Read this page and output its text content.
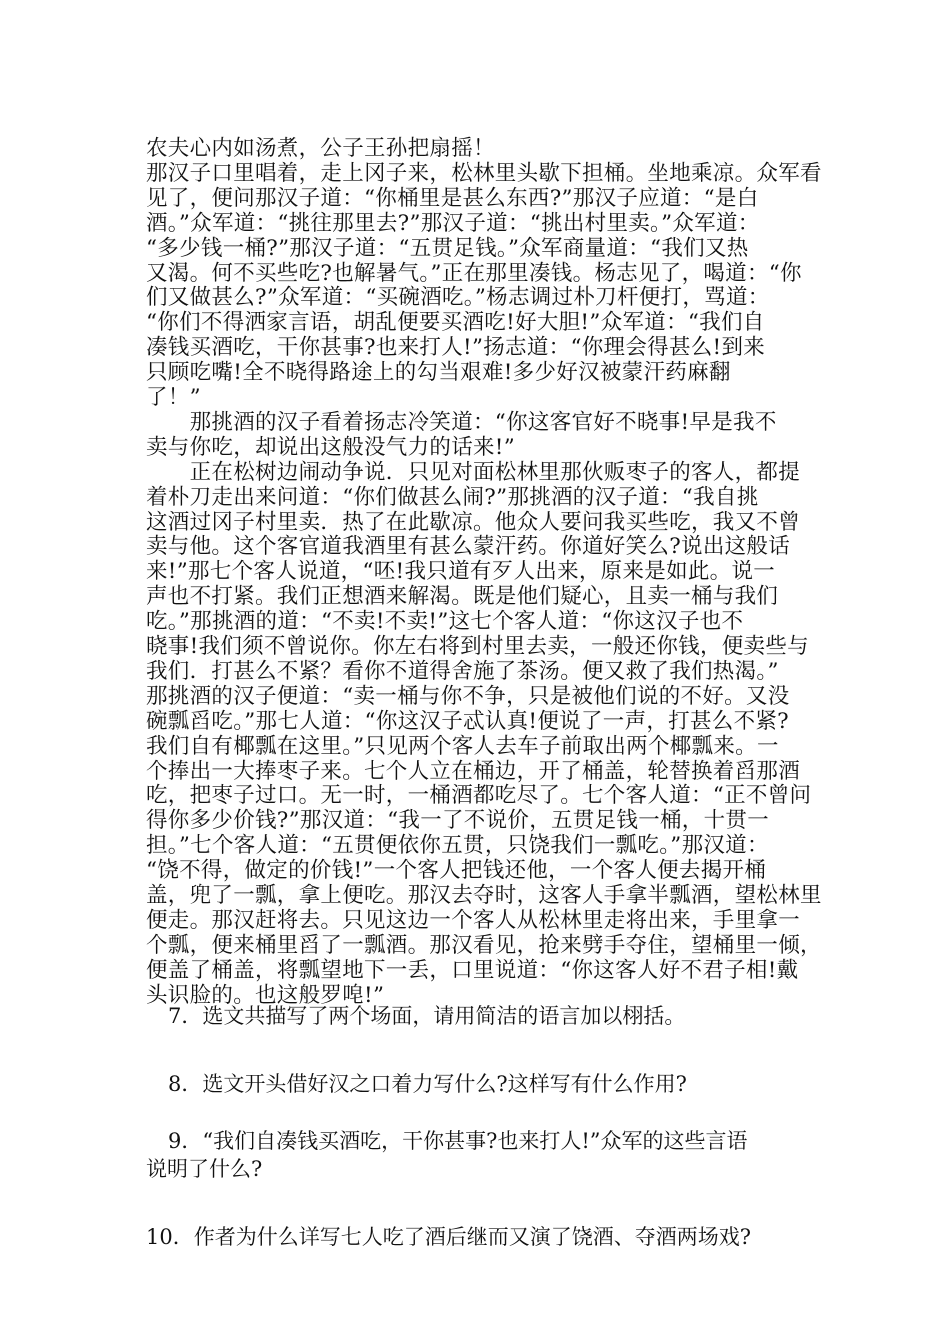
农夫心内如汤煮，公子王孙把扇摇！
那汉子口里唱着，走上冈子来，松林里头歇下担桶。坐地乘凉。众军看
见了，便问那汉子道：“你桶里是甚么东西?”那汉子应道：“是白
酒。”众军道：“挑往那里去?”那汉子道：“挑出村里卖。”众军道：
“多少钱一桶?”那汉子道：“五贯足钱。”众军商量道：“我们又热
又渴。何不买些吃?也解暑气。”正在那里凑钱。杨志见了，喝道：“你
们又做甚么?”众军道：“买碗酒吃。”杨志调过朴刀杆便打，骂道：
“你们不得洒家言语，胡乱便要买酒吃!好大胆!”众军道：“我们自
凑钱买酒吃，干你甚事?也来打人!”扬志道：“你理会得甚么!到来
只顾吃嘴!全不晓得路途上的勾当艰难!多少好汉被蒙汗药麻翻
了！”
　　那挑酒的汉子看着扬志冷笑道：“你这客官好不晓事!早是我不
卖与你吃，却说出这般没气力的话来!”
　　正在松树边闹动争说．只见对面松林里那伙贩枣子的客人，都提
着朴刀走出来问道：“你们做甚么闹?”那挑酒的汉子道：“我自挑
这酒过冈子村里卖．热了在此歇凉。他众人要问我买些吃，我又不曾
卖与他。这个客官道我酒里有甚么蒙汗药。你道好笑么?说出这般话
来!”那七个客人说道，“呸!我只道有歹人出来，原来是如此。说一
声也不打紧。我们正想酒来解渴。既是他们疑心，且卖一桶与我们
吃。”那挑酒的道：“不卖!不卖!”这七个客人道：“你这汉子也不
晓事!我们须不曾说你。你左右将到村里去卖，一般还你钱，便卖些与
我们．打甚么不紧？看你不道得舍施了茶汤。便又救了我们热渴。”
那挑酒的汉子便道：“卖一桶与你不争，只是被他们说的不好。又没
碗瓢舀吃。”那七人道：“你这汉子忒认真!便说了一声，打甚么不紧?
我们自有椰瓢在这里。”只见两个客人去车子前取出两个椰瓢来。一
个捧出一大捧枣子来。七个人立在桶边，开了桶盖，轮替换着舀那酒
吃，把枣子过口。无一时，一桶酒都吃尽了。七个客人道：“正不曾问
得你多少价钱?”那汉道：“我一了不说价，五贯足钱一桶，十贯一
担。”七个客人道：“五贯便依你五贯，只饶我们一瓢吃。”那汉道：
“饶不得，做定的价钱!”一个客人把钱还他，一个客人便去揭开桶
盖，兜了一瓢，拿上便吃。那汉去夺时，这客人手拿半瓢酒，望松林里
便走。那汉赶将去。只见这边一个客人从松林里走将出来，手里拿一
个瓢，便来桶里舀了一瓢酒。那汉看见，抢来劈手夺住，望桶里一倾，
便盖了桶盖，将瓢望地下一丢，口里说道：“你这客人好不君子相!戴
头识脸的。也这般罗唣!”
7．选文共描写了两个场面，请用简洁的语言加以栩括。
8．选文开头借好汉之口着力写什么?这样写有什么作用?
9．“我们自凑钱买酒吃，干你甚事?也来打人!”众军的这些言语
说明了什么?
10．作者为什么详写七人吃了酒后继而又演了饶酒、夺酒两场戏?
